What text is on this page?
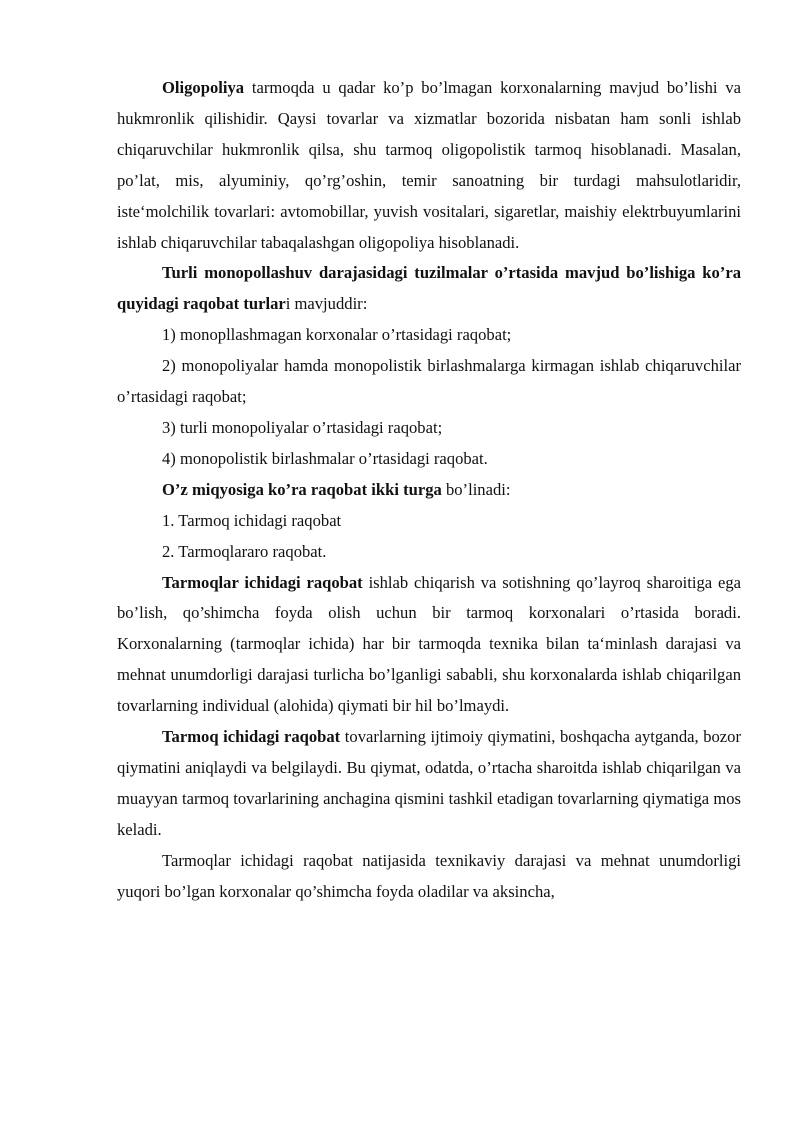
Oligopoliya tarmoqda u qadar ko’p bo’lmagan korxonalarning mavjud bo’lishi va hukmronlik qilishidir. Qaysi tovarlar va xizmatlar bozorida nisbatan ham sonli ishlab chiqaruvchilar hukmronlik qilsa, shu tarmoq oligopolistik tarmoq hisoblanadi. Masalan, po’lat, mis, alyuminiy, qo’rg’oshin, temir sanoatning bir turdagi mahsulotlaridir, iste‘molchilik tovarlari: avtomobillar, yuvish vositalari, sigaretlar, maishiy elektrbuyumlarini ishlab chiqaruvchilar tabaqalashgan oligopoliya hisoblanadi.

Turli monopollashuv darajasidagi tuzilmalar o’rtasida mavjud bo’lishiga ko’ra quyidagi raqobat turlari mavjuddir:

1) monopllashmagan korxonalar o’rtasidagi raqobat;

2) monopoliyalar hamda monopolistik birlashmalarga kirmagan ishlab chiqaruvchilar o’rtasidagi raqobat;

3) turli monopoliyalar o’rtasidagi raqobat;

4) monopolistik birlashmalar o’rtasidagi raqobat.

O’z miqyosiga ko’ra raqobat ikki turga bo’linadi:

1. Tarmoq ichidagi raqobat

2. Tarmoqlararo raqobat.

Tarmoqlar ichidagi raqobat ishlab chiqarish va sotishning qo’layroq sharoitiga ega bo’lish, qo’shimcha foyda olish uchun bir tarmoq korxonalari o’rtasida boradi. Korxonalarning (tarmoqlar ichida) har bir tarmoqda texnika bilan ta‘minlash darajasi va mehnat unumdorligi darajasi turlicha bo’lganligi sababli, shu korxonalarda ishlab chiqarilgan tovarlarning individual (alohida) qiymati bir hil bo’lmaydi.

Tarmoq ichidagi raqobat tovarlarning ijtimoiy qiymatini, boshqacha aytganda, bozor qiymatini aniqlaydi va belgilaydi. Bu qiymat, odatda, o’rtacha sharoitda ishlab chiqarilgan va muayyan tarmoq tovarlarining anchagina qismini tashkil etadigan tovarlarning qiymatiga mos keladi.

Tarmoqlar ichidagi raqobat natijasida texnikaviy darajasi va mehnat unumdorligi yuqori bo’lgan korxonalar qo’shimcha foyda oladilar va aksincha,
